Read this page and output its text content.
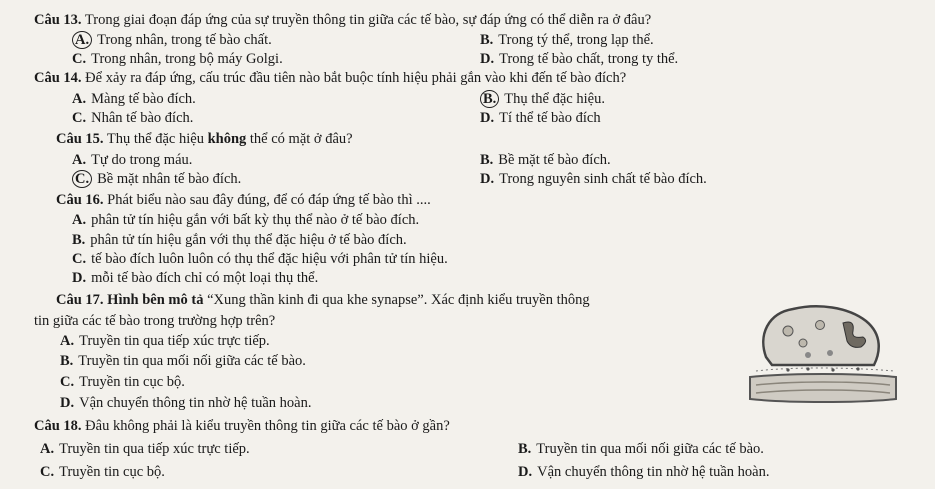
Câu 13. Trong giai đoạn đáp ứng của sự truyền thông tin giữa các tế bào, sự đáp ứng có thể diễn ra ở đâu?
A. Trong nhân, trong tế bào chất.	B. Trong tý thể, trong lạp thể.
C. Trong nhân, trong bộ máy Golgi.	D. Trong tế bào chất, trong ty thể.
Câu 14. Để xảy ra đáp ứng, cấu trúc đầu tiên nào bắt buộc tính hiệu phải gắn vào khi đến tế bào đích?
A. Màng tế bào đích.	B. Thụ thể đặc hiệu.
C. Nhân tế bào đích.	D. Tí thể tế bào đích
Câu 15. Thụ thể đặc hiệu không thể có mặt ở đâu?
A. Tự do trong máu.	B. Bề mặt tế bào đích.
C. Bề mặt nhân tế bào đích.	D. Trong nguyên sinh chất tế bào đích.
Câu 16. Phát biểu nào sau đây đúng, để có đáp ứng tế bào thì ....
A. phân tử tín hiệu gắn với bất kỳ thụ thể nào ở tế bào đích.
B. phân tử tín hiệu gắn với thụ thể đặc hiệu ở tế bào đích.
C. tế bào đích luôn luôn có thụ thể đặc hiệu với phân tử tín hiệu.
D. mỗi tế bào đích chỉ có một loại thụ thể.
Câu 17. Hình bên mô tả “Xung thần kinh đi qua khe synapse”. Xác định kiểu truyền thông
tin giữa các tế bào trong trường hợp trên?
A. Truyền tin qua tiếp xúc trực tiếp.
B. Truyền tin qua mối nối giữa các tế bào.
C. Truyền tin cục bộ.
D. Vận chuyển thông tin nhờ hệ tuần hoàn.
Câu 18. Đâu không phải là kiểu truyền thông tin giữa các tế bào ở gần?
A. Truyền tin qua tiếp xúc trực tiếp.	B. Truyền tin qua mối nối giữa các tế bào.
C. Truyền tin cục bộ.	D. Vận chuyển thông tin nhờ hệ tuần hoàn.
